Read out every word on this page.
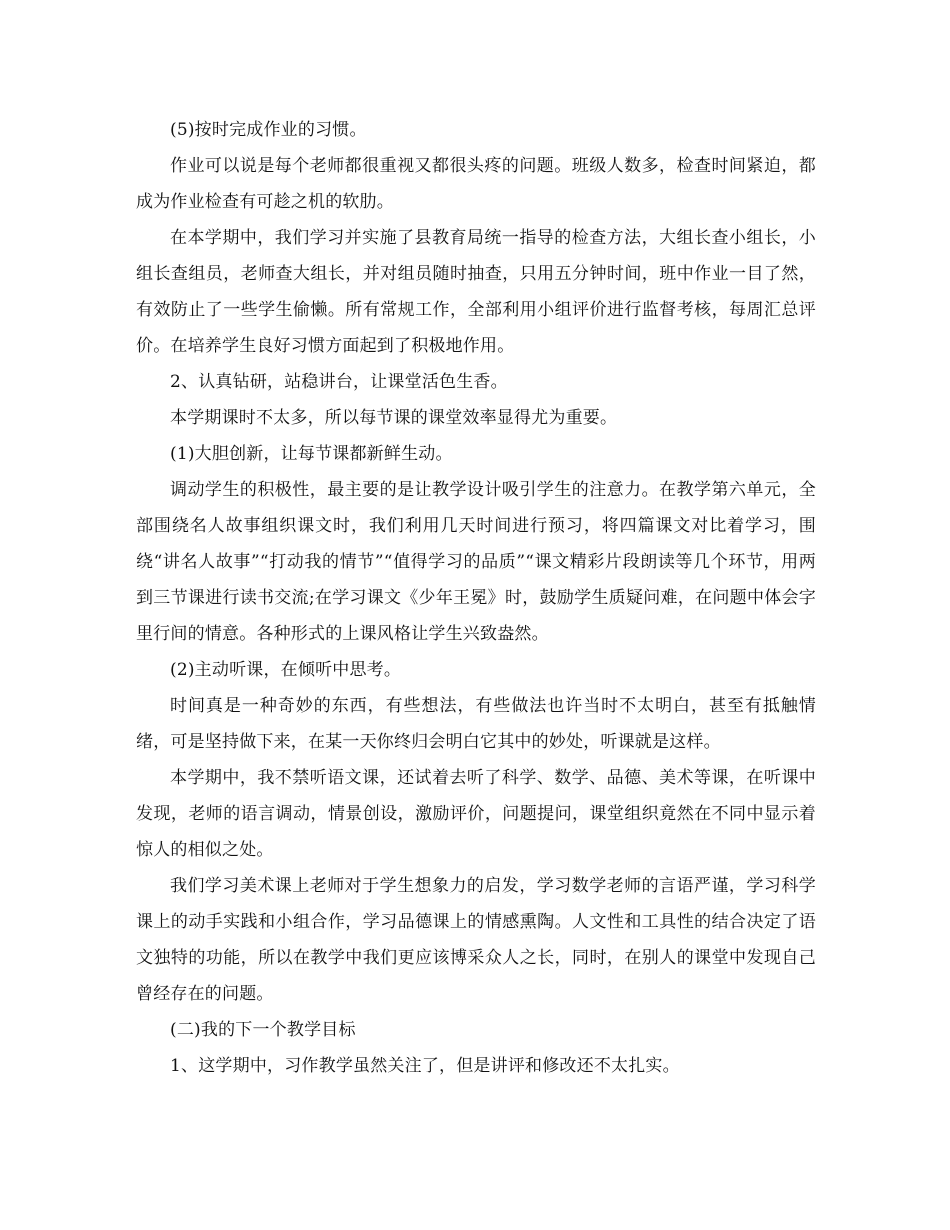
(5)按时完成作业的习惯。

作业可以说是每个老师都很重视又都很头疼的问题。班级人数多，检查时间紧迫，都成为作业检查有可趁之机的软肋。

在本学期中，我们学习并实施了县教育局统一指导的检查方法，大组长查小组长，小组长查组员，老师查大组长，并对组员随时抽查，只用五分钟时间，班中作业一目了然，有效防止了一些学生偷懒。所有常规工作，全部利用小组评价进行监督考核，每周汇总评价。在培养学生良好习惯方面起到了积极地作用。

2、认真钻研，站稳讲台，让课堂活色生香。

本学期课时不太多，所以每节课的课堂效率显得尤为重要。

(1)大胆创新，让每节课都新鲜生动。

调动学生的积极性，最主要的是让教学设计吸引学生的注意力。在教学第六单元，全部围绕名人故事组织课文时，我们利用几天时间进行预习，将四篇课文对比着学习，围绕“讲名人故事”“打动我的情节”“值得学习的品质”“课文精彩片段朗读等几个环节，用两到三节课进行读书交流;在学习课文《少年王冕》时，鼓励学生质疑问难，在问题中体会字里行间的情意。各种形式的上课风格让学生兴致盎然。

(2)主动听课，在倾听中思考。

时间真是一种奇妙的东西，有些想法，有些做法也许当时不太明白，甚至有抵触情绪，可是坚持做下来，在某一天你终归会明白它其中的妙处，听课就是这样。

本学期中，我不禁听语文课，还试着去听了科学、数学、品德、美术等课，在听课中发现，老师的语言调动，情景创设，激励评价，问题提问，课堂组织竟然在不同中显示着惊人的相似之处。

我们学习美术课上老师对于学生想象力的启发，学习数学老师的言语严谨，学习科学课上的动手实践和小组合作，学习品德课上的情感熏陶。人文性和工具性的结合决定了语文独特的功能，所以在教学中我们更应该博采众人之长，同时，在别人的课堂中发现自己曾经存在的问题。

(二)我的下一个教学目标

1、这学期中，习作教学虽然关注了，但是讲评和修改还不太扎实。
